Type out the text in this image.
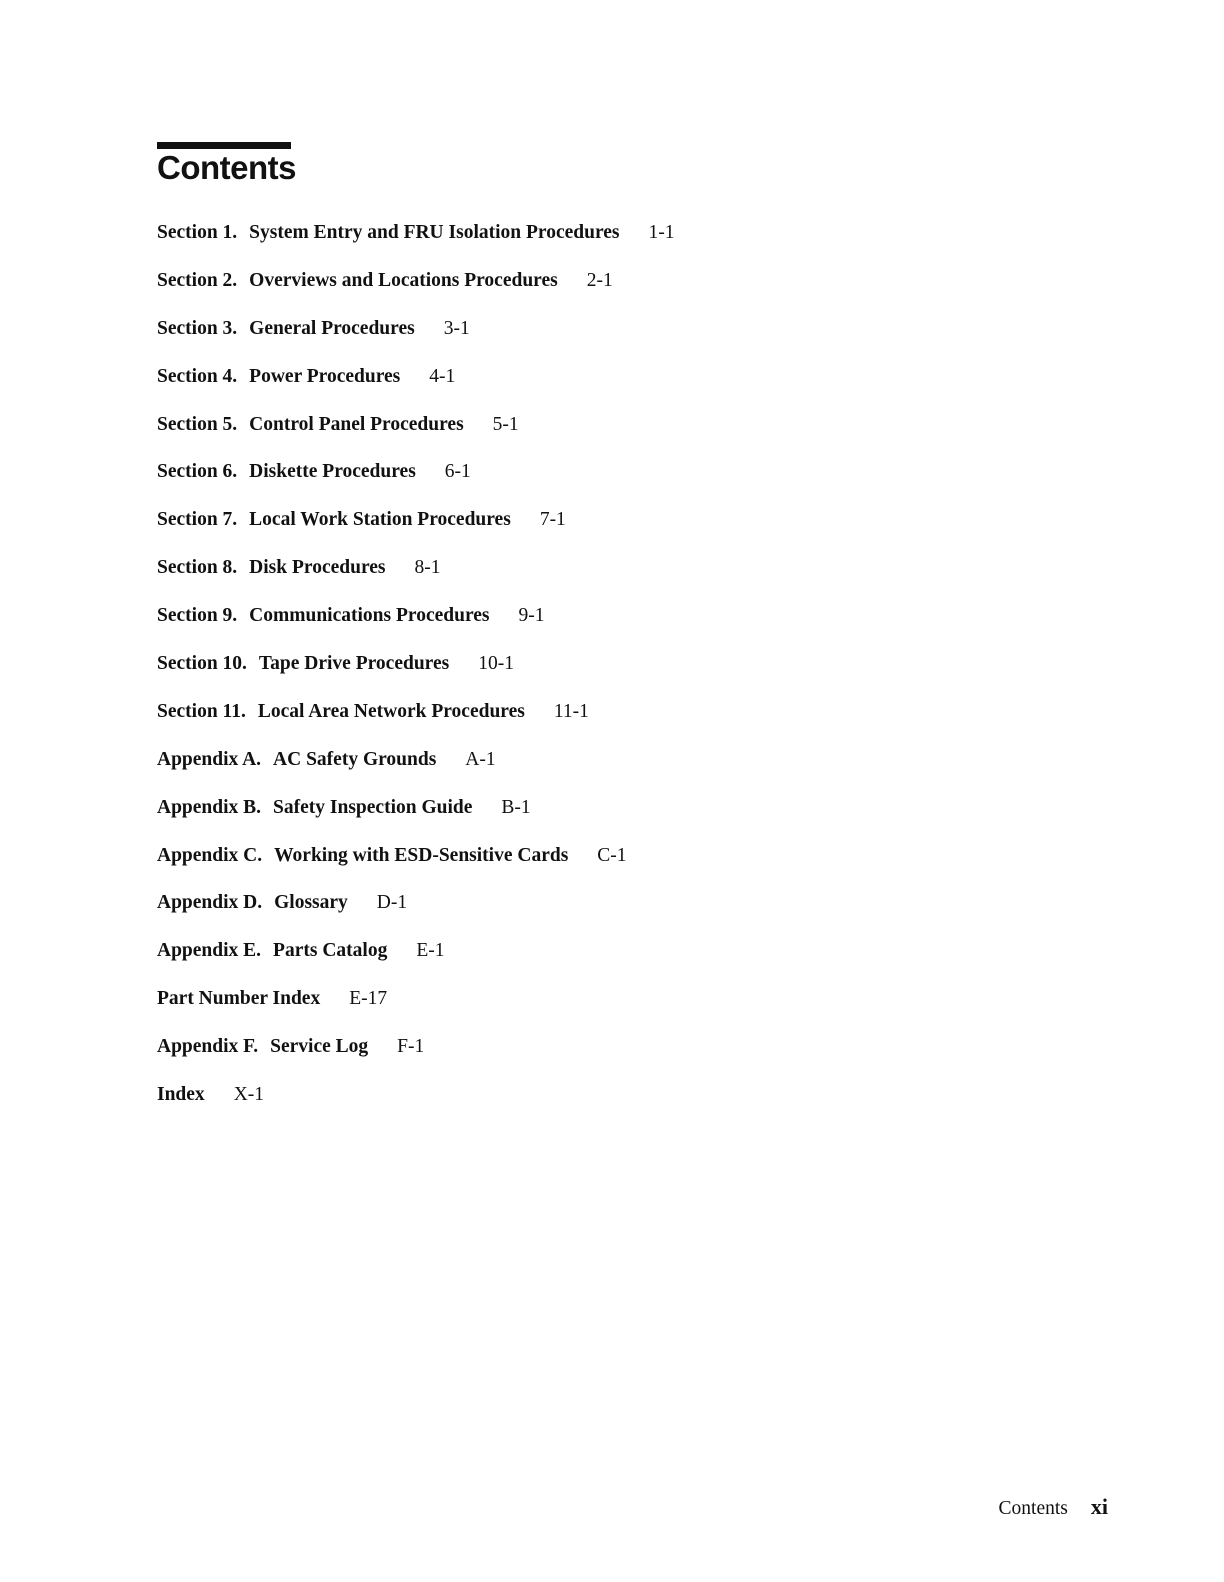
Contents
Section 1. System Entry and FRU Isolation Procedures 1-1
Section 2. Overviews and Locations Procedures 2-1
Section 3. General Procedures 3-1
Section 4. Power Procedures 4-1
Section 5. Control Panel Procedures 5-1
Section 6. Diskette Procedures 6-1
Section 7. Local Work Station Procedures 7-1
Section 8. Disk Procedures 8-1
Section 9. Communications Procedures 9-1
Section 10. Tape Drive Procedures 10-1
Section 11. Local Area Network Procedures 11-1
Appendix A. AC Safety Grounds A-1
Appendix B. Safety Inspection Guide B-1
Appendix C. Working with ESD-Sensitive Cards C-1
Appendix D. Glossary D-1
Appendix E. Parts Catalog E-1
Part Number Index E-17
Appendix F. Service Log F-1
Index X-1
Contents xi
